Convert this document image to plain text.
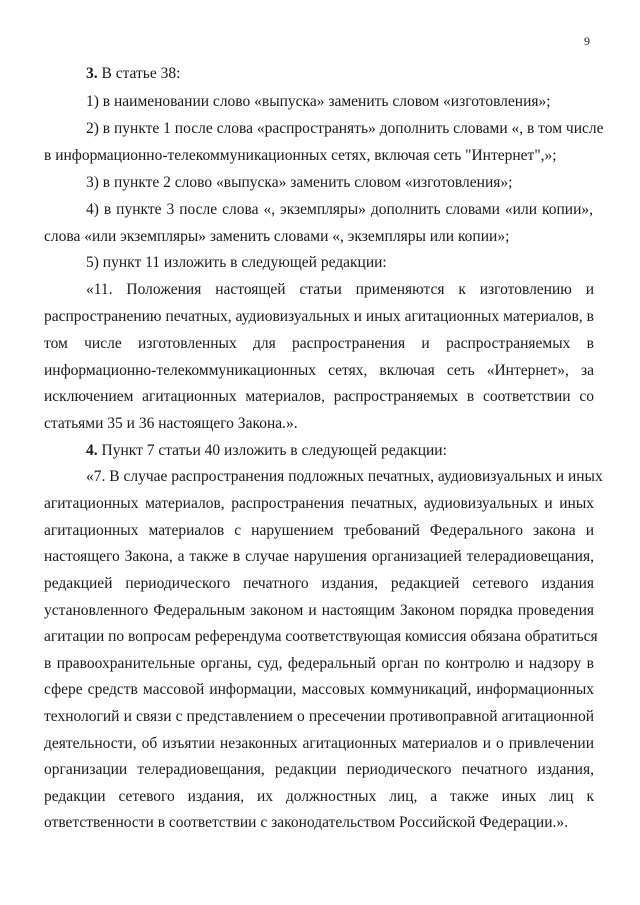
9
3. В статье 38:
1) в наименовании слово «выпуска» заменить словом «изготовления»;
2) в пункте 1 после слова «распространять» дополнить словами «, в том числе
в информационно-телекоммуникационных сетях, включая сеть "Интернет",»;
3) в пункте 2 слово «выпуска» заменить словом «изготовления»;
4) в пункте 3 после слова «, экземпляры» дополнить словами «или копии»,
слова «или экземпляры» заменить словами «, экземпляры или копии»;
5) пункт 11 изложить в следующей редакции:
«11. Положения настоящей статьи применяются к изготовлению и
распространению печатных, аудиовизуальных и иных агитационных материалов, в
том числе изготовленных для распространения и распространяемых в
информационно-телекоммуникационных сетях, включая сеть «Интернет», за
исключением агитационных материалов, распространяемых в соответствии со
статьями 35 и 36 настоящего Закона.».
4. Пункт 7 статьи 40 изложить в следующей редакции:
«7. В случае распространения подложных печатных, аудиовизуальных и иных
агитационных материалов, распространения печатных, аудиовизуальных и иных
агитационных материалов с нарушением требований Федерального закона и
настоящего Закона, а также в случае нарушения организацией телерадиовещания,
редакцией периодического печатного издания, редакцией сетевого издания
установленного Федеральным законом и настоящим Законом порядка проведения
агитации по вопросам референдума соответствующая комиссия обязана обратиться
в правоохранительные органы, суд, федеральный орган по контролю и надзору в
сфере средств массовой информации, массовых коммуникаций, информационных
технологий и связи с представлением о пресечении противоправной агитационной
деятельности, об изъятии незаконных агитационных материалов и о привлечении
организации телерадиовещания, редакции периодического печатного издания,
редакции сетевого издания, их должностных лиц, а также иных лиц к
ответственности в соответствии с законодательством Российской Федерации.».
